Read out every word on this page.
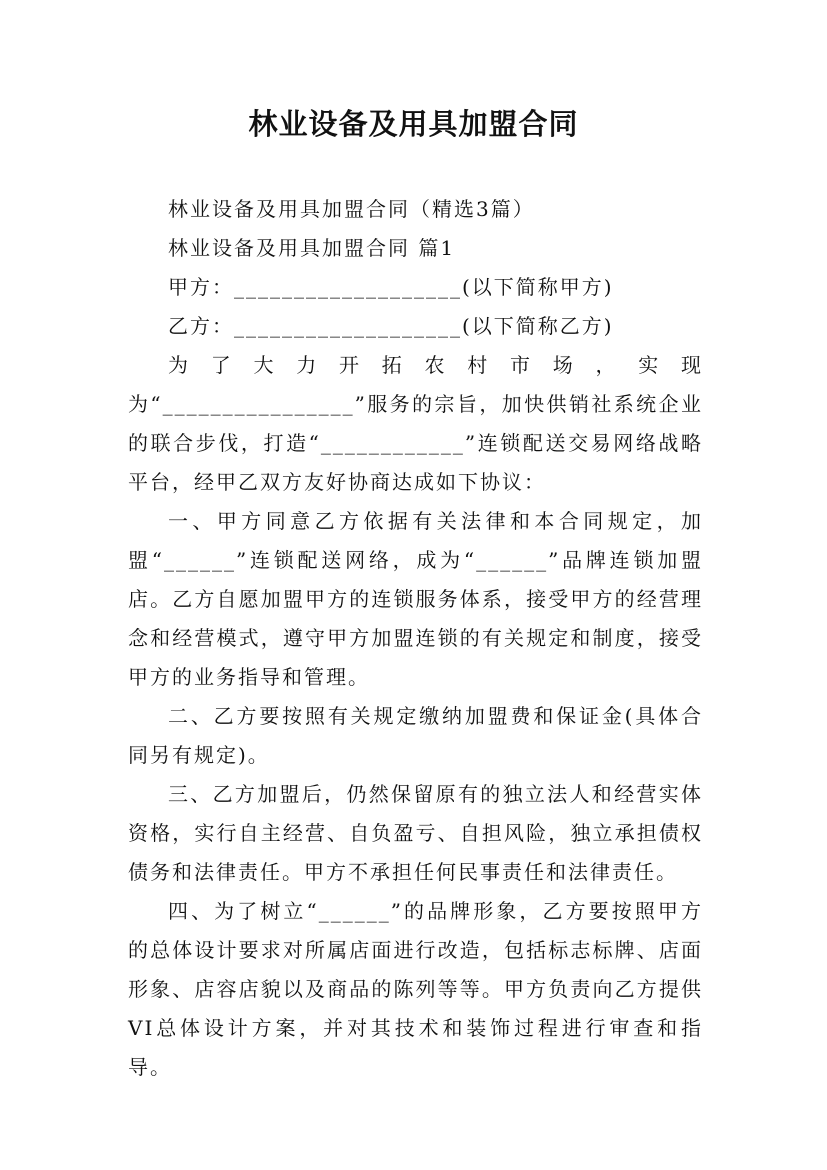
林业设备及用具加盟合同

林业设备及用具加盟合同（精选3篇）

林业设备及用具加盟合同 篇1

甲方：___________________(以下简称甲方)

乙方：___________________(以下简称乙方)

为了大力开拓农村市场，实现为“________________”服务的宗旨，加快供销社系统企业的联合步伐，打造“____________”连锁配送交易网络战略平台，经甲乙双方友好协商达成如下协议：

一、甲方同意乙方依据有关法律和本合同规定，加盟“______”连锁配送网络，成为“______”品牌连锁加盟店。乙方自愿加盟甲方的连锁服务体系，接受甲方的经营理念和经营模式，遵守甲方加盟连锁的有关规定和制度，接受甲方的业务指导和管理。

二、乙方要按照有关规定缴纳加盟费和保证金(具体合同另有规定)。

三、乙方加盟后，仍然保留原有的独立法人和经营实体资格，实行自主经营、自负盈亏、自担风险，独立承担债权债务和法律责任。甲方不承担任何民事责任和法律责任。

四、为了树立“______”的品牌形象，乙方要按照甲方的总体设计要求对所属店面进行改造，包括标志标牌、店面形象、店容店貌以及商品的陈列等等。甲方负责向乙方提供VI总体设计方案，并对其技术和装饰过程进行审查和指导。
